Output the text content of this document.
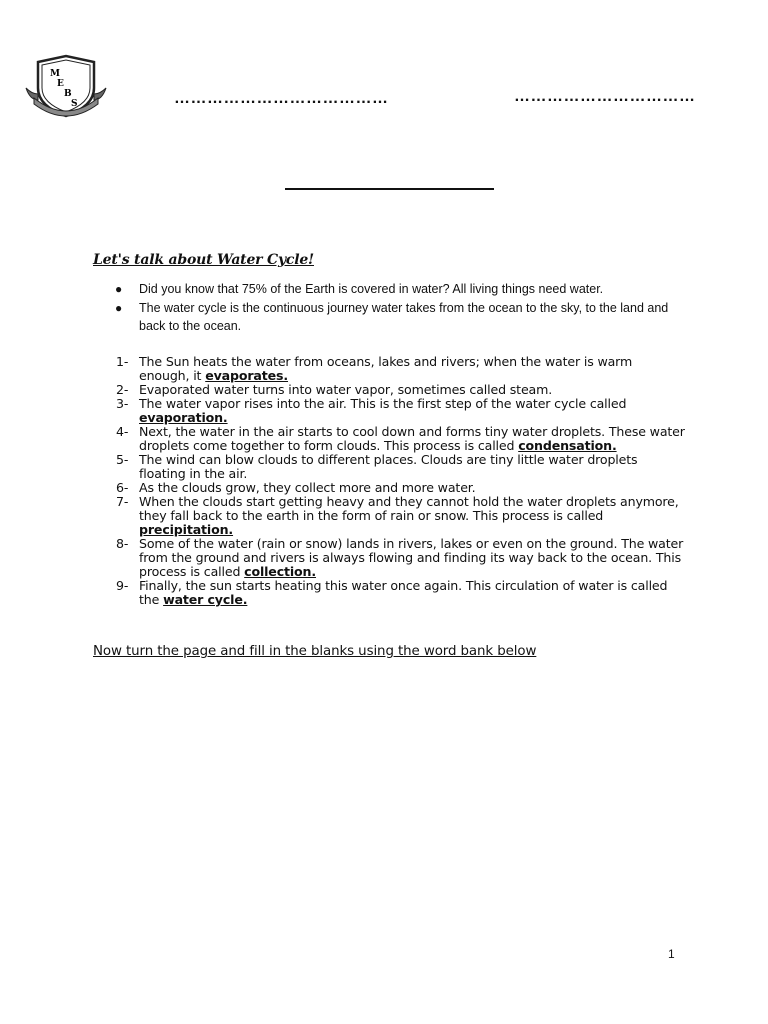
M
E
B
S	…………………………………	……………………………
Let's talk about Water Cycle!
● Did you know that 75% of the Earth is covered in water? All living things need water.
● The water cycle is the continuous journey water takes from the ocean to the sky, to the land and back to the ocean.
1- The Sun heats the water from oceans, lakes and rivers; when the water is warm enough, it evaporates.
2- Evaporated water turns into water vapor, sometimes called steam.
3- The water vapor rises into the air. This is the first step of the water cycle called evaporation.
4- Next, the water in the air starts to cool down and forms tiny water droplets. These water droplets come together to form clouds. This process is called condensation.
5- The wind can blow clouds to different places. Clouds are tiny little water droplets floating in the air.
6- As the clouds grow, they collect more and more water.
7- When the clouds start getting heavy and they cannot hold the water droplets anymore, they fall back to the earth in the form of rain or snow. This process is called precipitation.
8- Some of the water (rain or snow) lands in rivers, lakes or even on the ground. The water from the ground and rivers is always flowing and finding its way back to the ocean. This process is called collection.
9- Finally, the sun starts heating this water once again. This circulation of water is called the water cycle.
Now turn the page and fill in the blanks using the word bank below
1
